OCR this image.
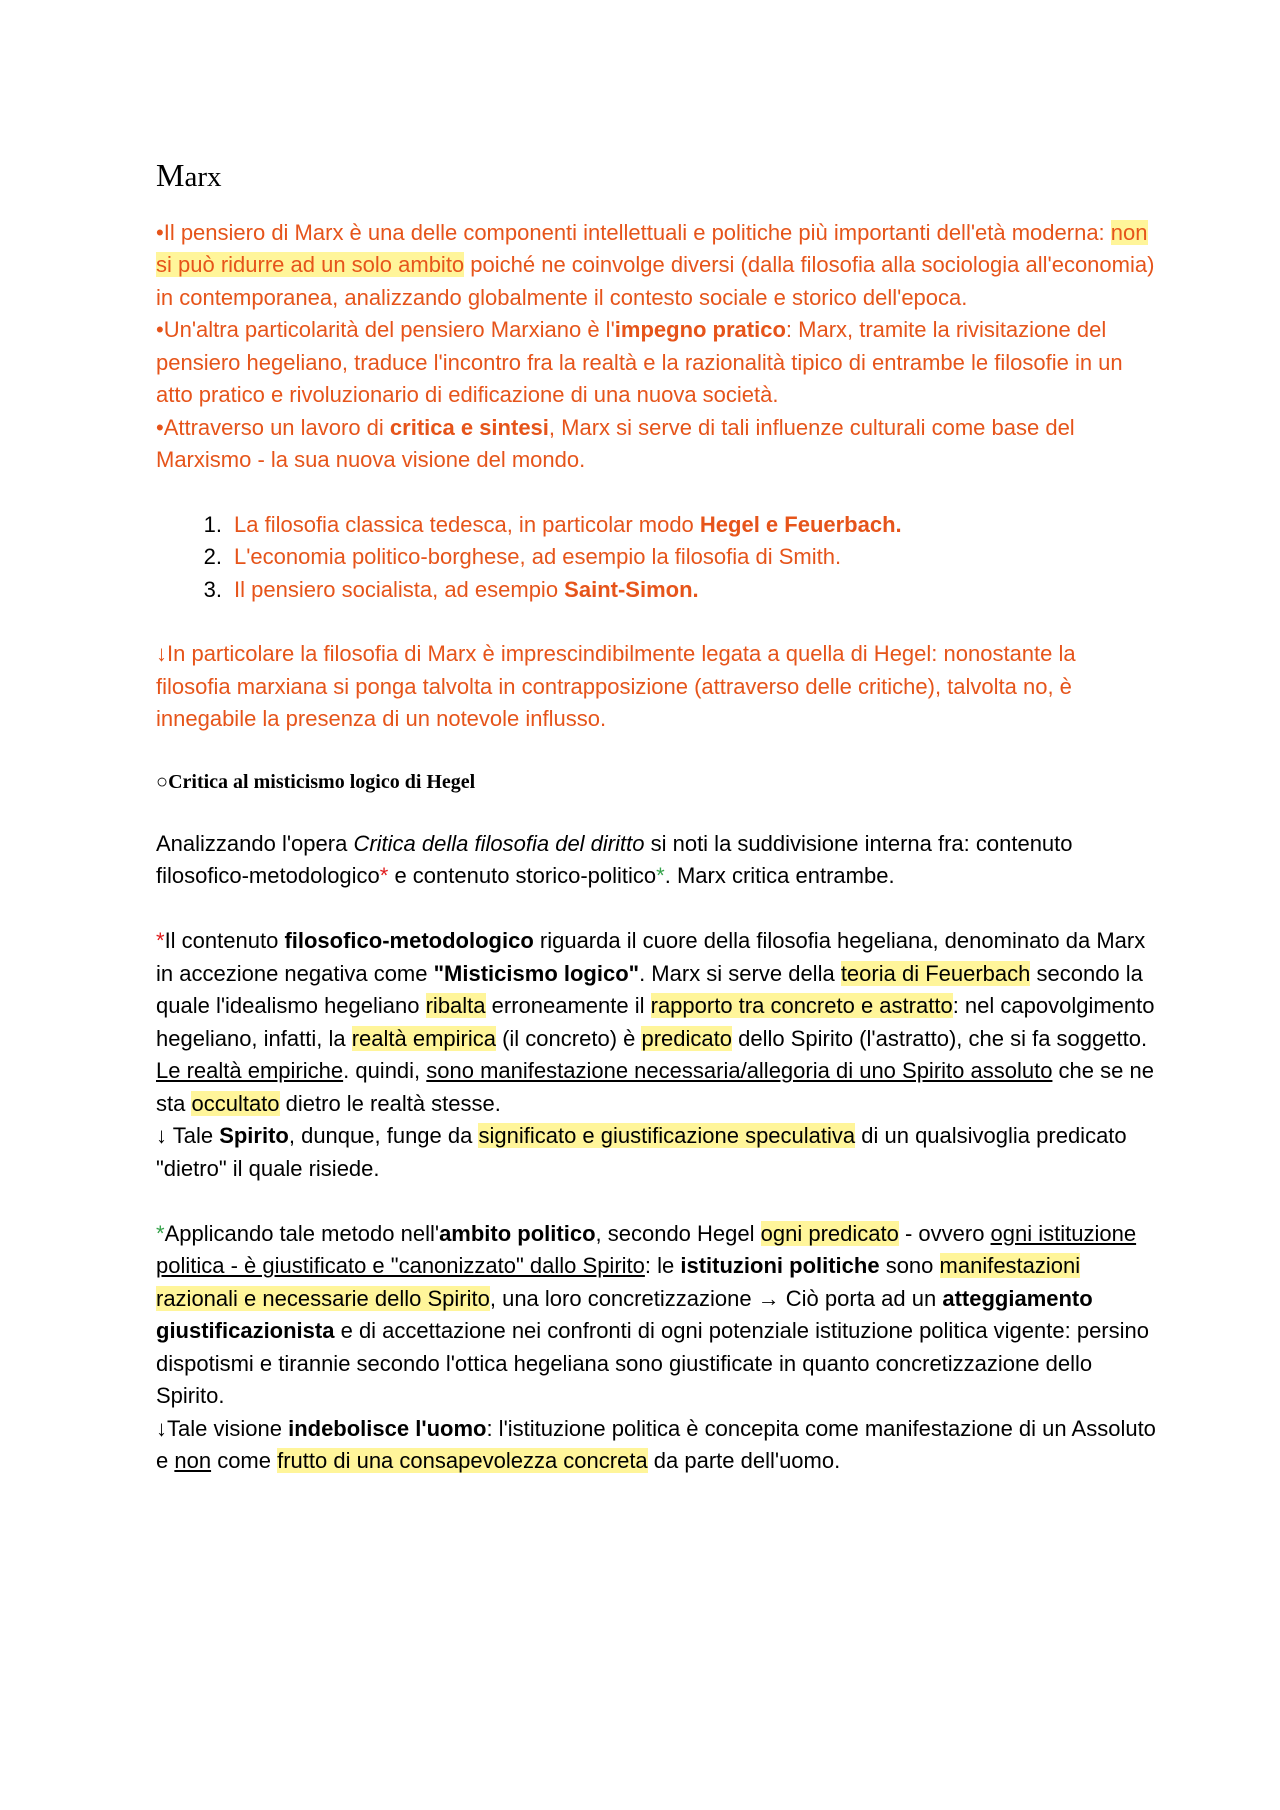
Marx

•Il pensiero di Marx è una delle componenti intellettuali e politiche più importanti dell'età moderna: non si può ridurre ad un solo ambito poiché ne coinvolge diversi (dalla filosofia alla sociologia all'economia) in contemporanea, analizzando globalmente il contesto sociale e storico dell'epoca.

•Un'altra particolarità del pensiero Marxiano è l'impegno pratico: Marx, tramite la rivisitazione del pensiero hegeliano, traduce l'incontro fra la realtà e la razionalità tipico di entrambe le filosofie in un atto pratico e rivoluzionario di edificazione di una nuova società.

•Attraverso un lavoro di critica e sintesi, Marx si serve di tali influenze culturali come base del Marxismo - la sua nuova visione del mondo.

1. La filosofia classica tedesca, in particolar modo Hegel e Feuerbach.
2. L'economia politico-borghese, ad esempio la filosofia di Smith.
3. Il pensiero socialista, ad esempio Saint-Simon.

↓In particolare la filosofia di Marx è imprescindibilmente legata a quella di Hegel: nonostante la filosofia marxiana si ponga talvolta in contrapposizione (attraverso delle critiche), talvolta no, è innegabile la presenza di un notevole influsso.

○Critica al misticismo logico di Hegel

Analizzando l'opera Critica della filosofia del diritto si noti la suddivisione interna fra: contenuto filosofico-metodologico* e contenuto storico-politico*. Marx critica entrambe.

*Il contenuto filosofico-metodologico riguarda il cuore della filosofia hegeliana, denominato da Marx in accezione negativa come "Misticismo logico". Marx si serve della teoria di Feuerbach secondo la quale l'idealismo hegeliano ribalta erroneamente il rapporto tra concreto e astratto: nel capovolgimento hegeliano, infatti, la realtà empirica (il concreto) è predicato dello Spirito (l'astratto), che si fa soggetto. Le realtà empiriche. quindi, sono manifestazione necessaria/allegoria di uno Spirito assoluto che se ne sta occultato dietro le realtà stesse.

↓ Tale Spirito, dunque, funge da significato e giustificazione speculativa di un qualsivoglia predicato "dietro" il quale risiede.

*Applicando tale metodo nell'ambito politico, secondo Hegel ogni predicato - ovvero ogni istituzione politica - è giustificato e "canonizzato" dallo Spirito: le istituzioni politiche sono manifestazioni razionali e necessarie dello Spirito, una loro concretizzazione → Ciò porta ad un atteggiamento giustificazionista e di accettazione nei confronti di ogni potenziale istituzione politica vigente: persino dispotismi e tirannie secondo l'ottica hegeliana sono giustificate in quanto concretizzazione dello Spirito.

↓Tale visione indebolisce l'uomo: l'istituzione politica è concepita come manifestazione di un Assoluto e non come frutto di una consapevolezza concreta da parte dell'uomo.
